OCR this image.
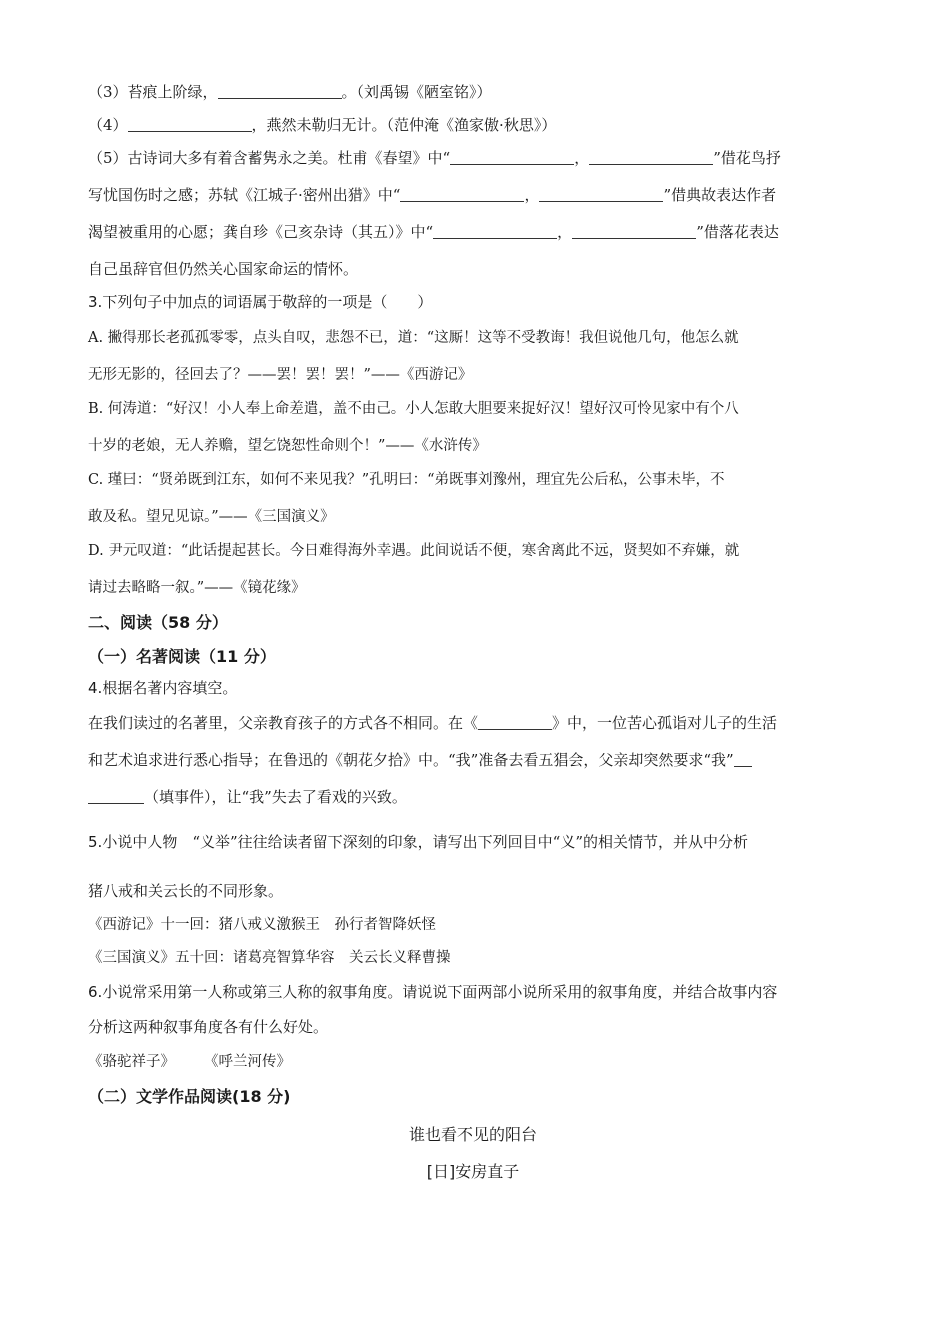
（3）苔痕上阶绿，	。（刘禹锡《陋室铭》）
（4）	，燕然未勒归无计。（范仲淹《渔家傲·秋思》）
（5）古诗词大多有着含蓄隽永之美。杜甫《春望》中“	，	”借花鸟抒
写忧国伤时之感；苏轼《江城子·密州出猎》中“	，	”借典故表达作者
渴望被重用的心愿；龚自珍《己亥杂诗（其五）》中“	，	”借落花表达
自己虽辞官但仍然关心国家命运的情怀。
3.下列句子中加点的词语属于敬辞的一项是（　　）
A. 撇得那长老孤孤零零，点头自叹，悲怨不已，道：“这厮！这等不受教诲！我但说他几句，他怎么就
无形无影的，径回去了？——罢！罢！罢！”——《西游记》
B. 何涛道：“好汉！小人奉上命差遣，盖不由己。小人怎敢大胆要来捉好汉！望好汉可怜见家中有个八
十岁的老娘，无人养赡，望乞饶恕性命则个！”——《水浒传》
C. 瑾曰：“贤弟既到江东，如何不来见我？”孔明曰：“弟既事刘豫州，理宜先公后私，公事未毕，不
敢及私。望兄见谅。”——《三国演义》
D. 尹元叹道：“此话提起甚长。今日难得海外幸遇。此间说话不便，寒舍离此不远，贤契如不弃嫌，就
请过去略略一叙。”——《镜花缘》
二、阅读（58 分）
（一）名著阅读（11 分）
4.根据名著内容填空。
在我们读过的名著里，父亲教育孩子的方式各不相同。在《	》中，一位苦心孤诣对儿子的生活
和艺术追求进行悉心指导；在鲁迅的《朝花夕拾》中。“我”准备去看五猖会，父亲却突然要求“我”
（填事件），让“我”失去了看戏的兴致。
5.小说中人物　“义举”往往给读者留下深刻的印象，请写出下列回目中“义”的相关情节，并从中分析
猪八戒和关云长的不同形象。
《西游记》十一回：猪八戒义激猴王　孙行者智降妖怪
《三国演义》五十回：诸葛亮智算华容　关云长义释曹操
6.小说常采用第一人称或第三人称的叙事角度。请说说下面两部小说所采用的叙事角度，并结合故事内容
分析这两种叙事角度各有什么好处。
《骆驼祥子》　　　《呼兰河传》
（二）文学作品阅读(18 分)
谁也看不见的阳台
[日]安房直子
